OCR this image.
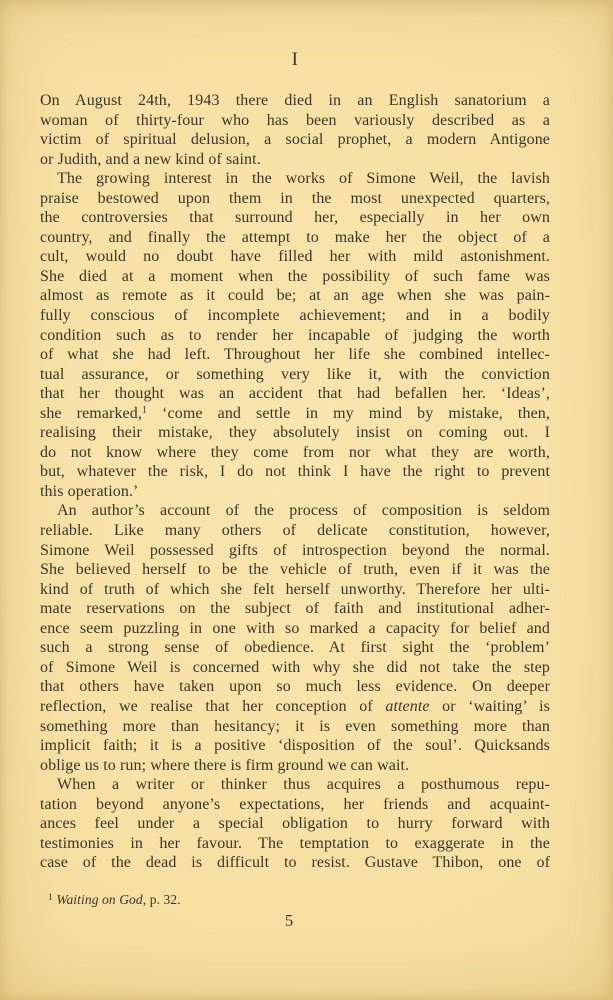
I
On August 24th, 1943 there died in an English sanatorium a
woman of thirty-four who has been variously described as a
victim of spiritual delusion, a social prophet, a modern Antigone
or Judith, and a new kind of saint.
The growing interest in the works of Simone Weil, the lavish
praise bestowed upon them in the most unexpected quarters,
the controversies that surround her, especially in her own
country, and finally the attempt to make her the object of a
cult, would no doubt have filled her with mild astonishment.
She died at a moment when the possibility of such fame was
almost as remote as it could be; at an age when she was pain-
fully conscious of incomplete achievement; and in a bodily
condition such as to render her incapable of judging the worth
of what she had left. Throughout her life she combined intellec-
tual assurance, or something very like it, with the conviction
that her thought was an accident that had befallen her. ‘Ideas’,
she remarked,$^1$ ‘come and settle in my mind by mistake, then,
realising their mistake, they absolutely insist on coming out. I
do not know where they come from nor what they are worth,
but, whatever the risk, I do not think I have the right to prevent
this operation.’
An author’s account of the process of composition is seldom
reliable. Like many others of delicate constitution, however,
Simone Weil possessed gifts of introspection beyond the normal.
She believed herself to be the vehicle of truth, even if it was the
kind of truth of which she felt herself unworthy. Therefore her ulti-
mate reservations on the subject of faith and institutional adher-
ence seem puzzling in one with so marked a capacity for belief and
such a strong sense of obedience. At first sight the ‘problem’
of Simone Weil is concerned with why she did not take the step
that others have taken upon so much less evidence. On deeper
reflection, we realise that her conception of attente or ‘waiting’ is
something more than hesitancy; it is even something more than
implicit faith; it is a positive ‘disposition of the soul’. Quicksands
oblige us to run; where there is firm ground we can wait.
When a writer or thinker thus acquires a posthumous repu-
tation beyond anyone’s expectations, her friends and acquaint-
ances feel under a special obligation to hurry forward with
testimonies in her favour. The temptation to exaggerate in the
case of the dead is difficult to resist. Gustave Thibon, one of
$^1$ Waiting on God, p. 32.
5
